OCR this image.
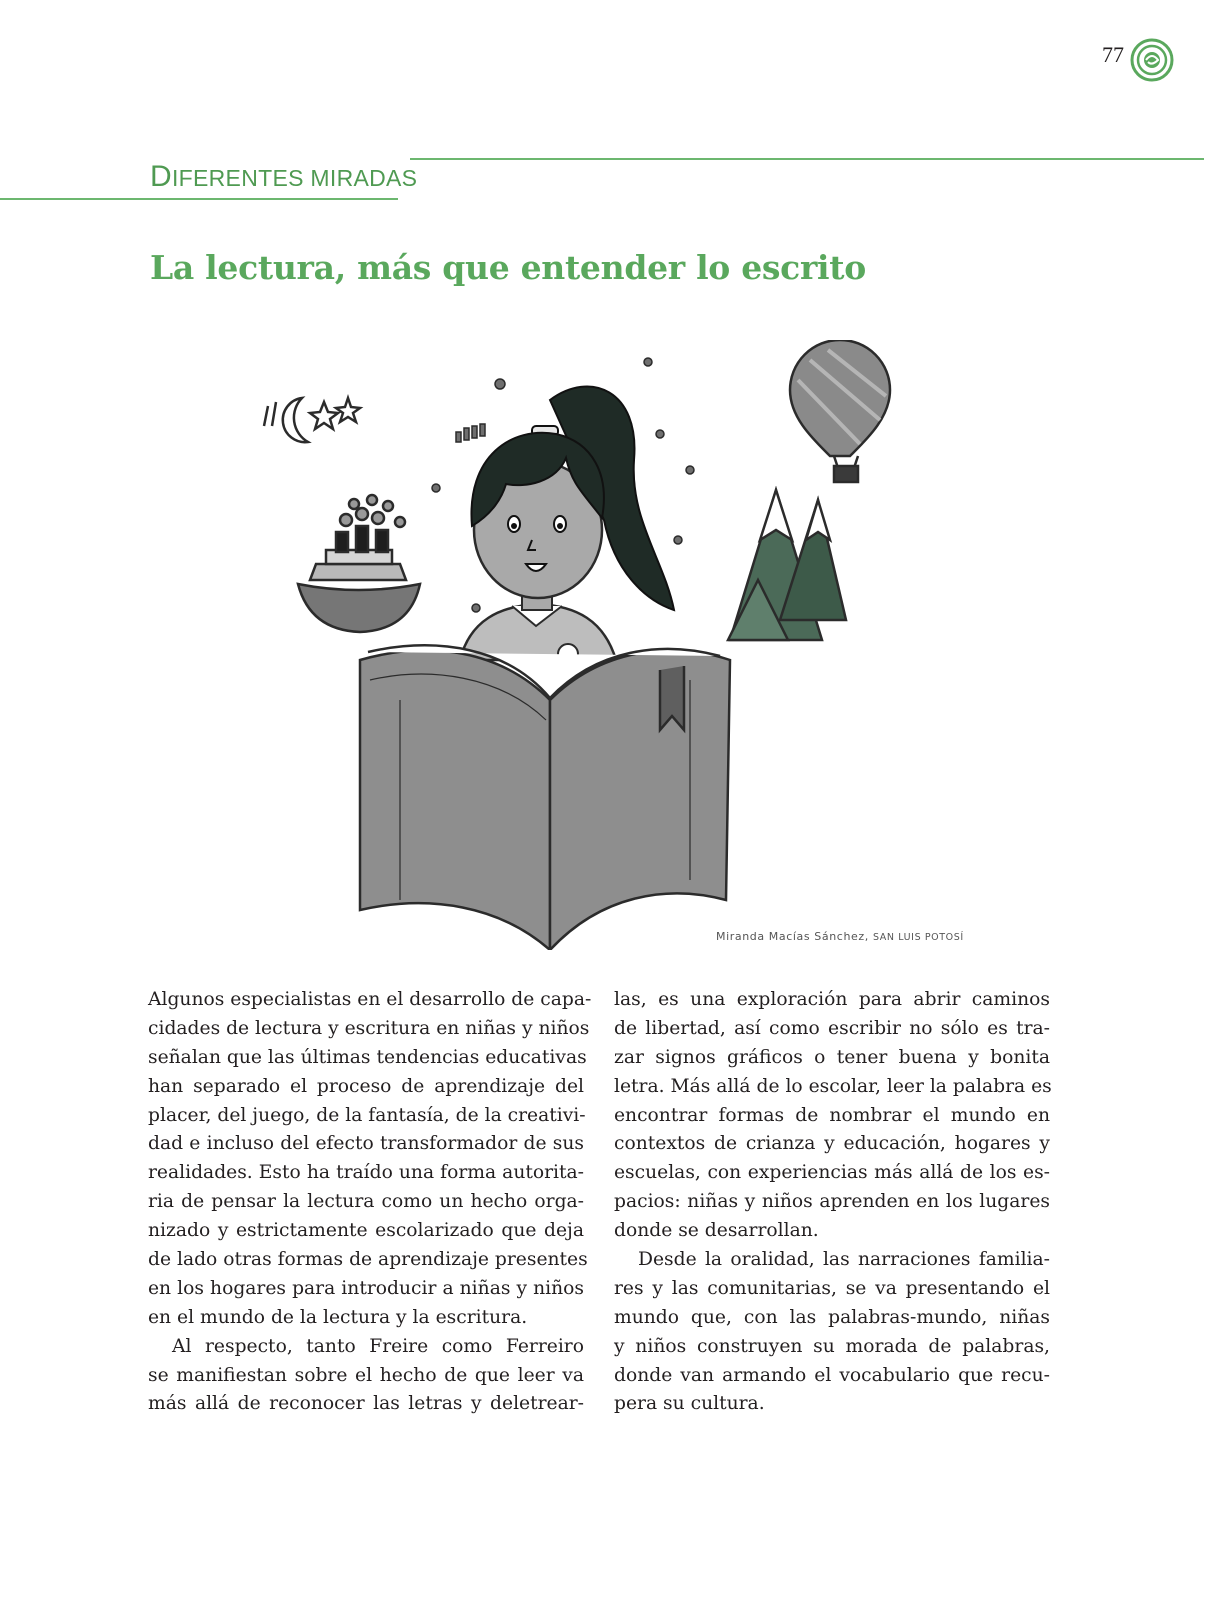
77
DIFERENTES MIRADAS
La lectura, más que entender lo escrito
Miranda Macías Sánchez, SAN LUIS POTOSÍ
Algunos especialistas en el desarrollo de capa-
cidades de lectura y escritura en niñas y niños
señalan que las últimas tendencias educativas
han separado el proceso de aprendizaje del
placer, del juego, de la fantasía, de la creativi-
dad e incluso del efecto transformador de sus
realidades. Esto ha traído una forma autorita-
ria de pensar la lectura como un hecho orga-
nizado y estrictamente escolarizado que deja
de lado otras formas de aprendizaje presentes
en los hogares para introducir a niñas y niños
en el mundo de la lectura y la escritura.
Al respecto, tanto Freire como Ferreiro
se manifiestan sobre el hecho de que leer va
más allá de reconocer las letras y deletrear-
las, es una exploración para abrir caminos
de libertad, así como escribir no sólo es tra-
zar signos gráficos o tener buena y bonita
letra. Más allá de lo escolar, leer la palabra es
encontrar formas de nombrar el mundo en
contextos de crianza y educación, hogares y
escuelas, con experiencias más allá de los es-
pacios: niñas y niños aprenden en los lugares
donde se desarrollan.
Desde la oralidad, las narraciones familia-
res y las comunitarias, se va presentando el
mundo que, con las palabras-mundo, niñas
y niños construyen su morada de palabras,
donde van armando el vocabulario que recu-
pera su cultura.
